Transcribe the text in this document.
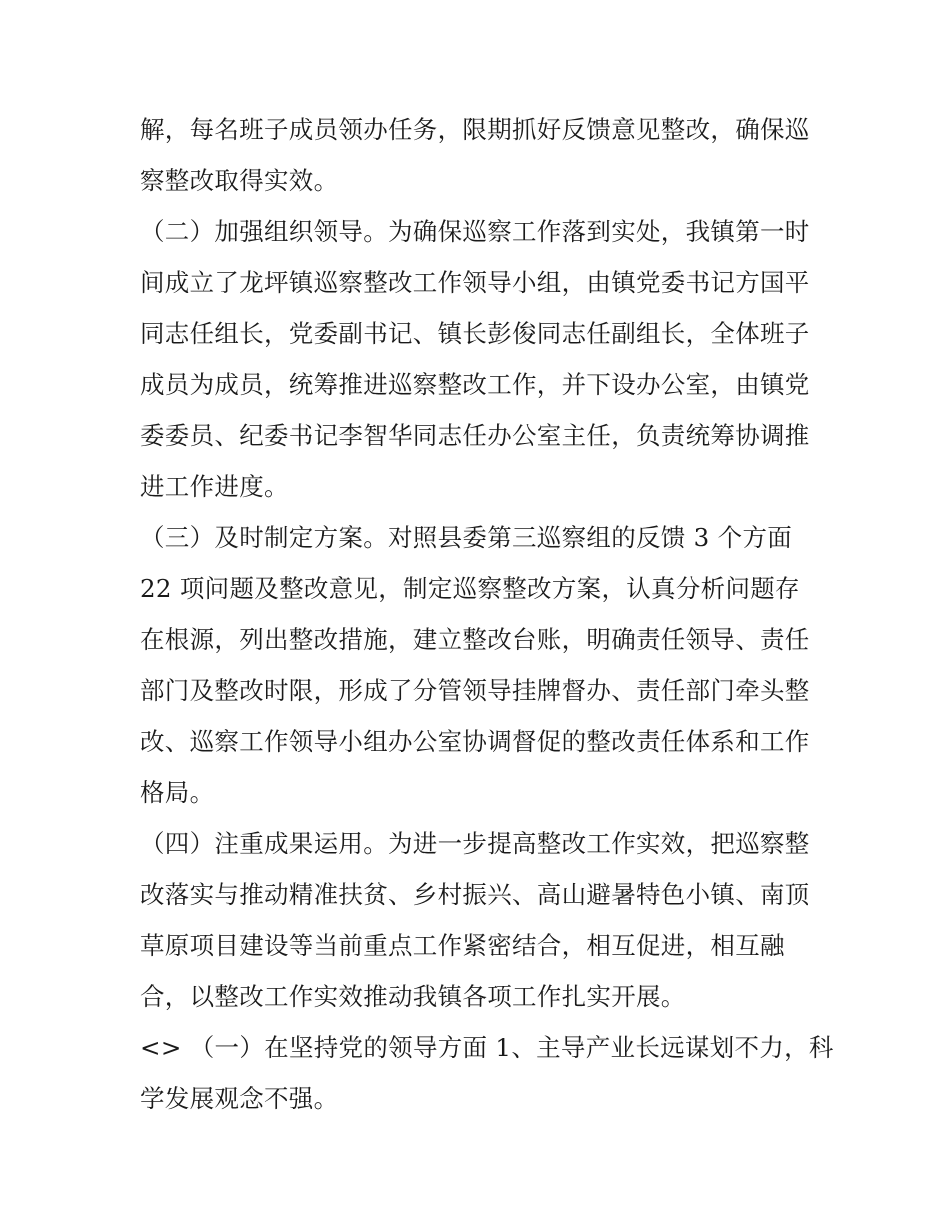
解，每名班子成员领办任务，限期抓好反馈意见整改，确保巡

察整改取得实效。

（二）加强组织领导。为确保巡察工作落到实处，我镇第一时

间成立了龙坪镇巡察整改工作领导小组，由镇党委书记方国平

同志任组长，党委副书记、镇长彭俊同志任副组长，全体班子

成员为成员，统筹推进巡察整改工作，并下设办公室，由镇党

委委员、纪委书记李智华同志任办公室主任，负责统筹协调推

进工作进度。

（三）及时制定方案。对照县委第三巡察组的反馈 3 个方面

22 项问题及整改意见，制定巡察整改方案，认真分析问题存

在根源，列出整改措施，建立整改台账，明确责任领导、责任

部门及整改时限，形成了分管领导挂牌督办、责任部门牵头整

改、巡察工作领导小组办公室协调督促的整改责任体系和工作

格局。

（四）注重成果运用。为进一步提高整改工作实效，把巡察整

改落实与推动精准扶贫、乡村振兴、高山避暑特色小镇、南顶

草原项目建设等当前重点工作紧密结合，相互促进，相互融

合，以整改工作实效推动我镇各项工作扎实开展。

<> （一）在坚持党的领导方面 1、主导产业长远谋划不力，科

学发展观念不强。
